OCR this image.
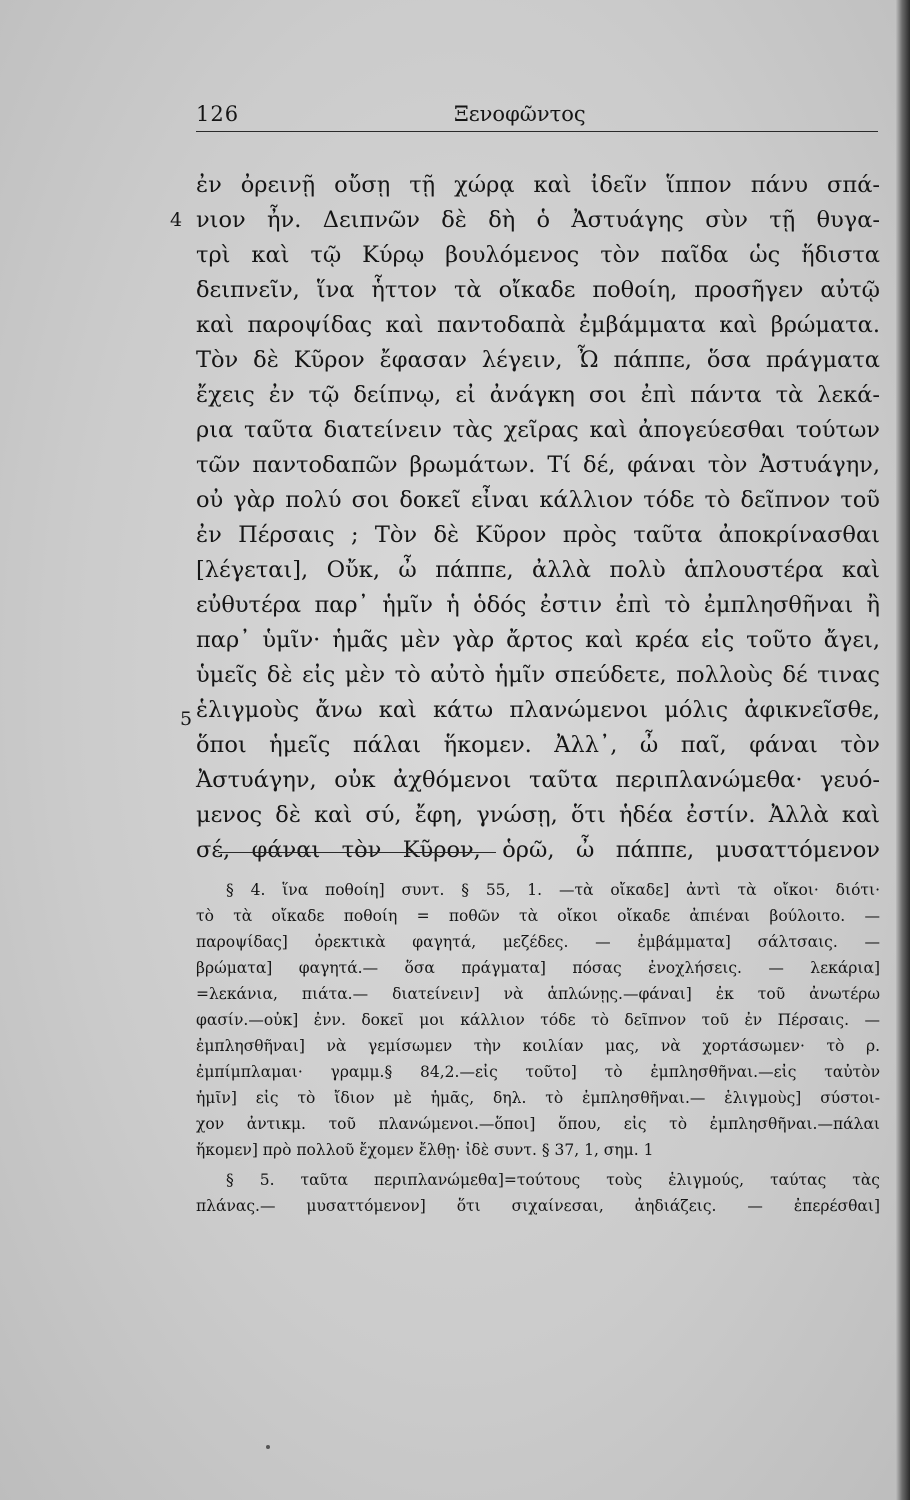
126	Ξενοφῶντος
4
5
ἐν ὀρεινῇ οὔσῃ τῇ χώρᾳ καὶ ἰδεῖν ἵππον πάνυ σπά-
νιον ἦν. Δειπνῶν δὲ δὴ ὁ Ἀστυάγης σὺν τῇ θυγα-
τρὶ καὶ τῷ Κύρῳ βουλόμενος τὸν παῖδα ὡς ἥδιστα
δειπνεῖν, ἵνα ἧττον τὰ οἴκαδε ποθοίη, προσῆγεν αὐτῷ
καὶ παροψίδας καὶ παντοδαπὰ ἐμβάμματα καὶ βρώματα.
Τὸν δὲ Κῦρον ἔφασαν λέγειν, Ὦ πάππε, ὅσα πράγματα
ἔχεις ἐν τῷ δείπνῳ, εἰ ἀνάγκη σοι ἐπὶ πάντα τὰ λεκά-
ρια ταῦτα διατείνειν τὰς χεῖρας καὶ ἀπογεύεσθαι τούτων
τῶν παντοδαπῶν βρωμάτων. Τί δέ, φάναι τὸν Ἀστυάγην,
οὐ γὰρ πολύ σοι δοκεῖ εἶναι κάλλιον τόδε τὸ δεῖπνον τοῦ
ἐν Πέρσαις ; Τὸν δὲ Κῦρον πρὸς ταῦτα ἀποκρίνασθαι
[λέγεται], Οὔκ, ὦ πάππε, ἀλλὰ πολὺ ἁπλουστέρα καὶ
εὐθυτέρα παρ᾽ ἡμῖν ἡ ὁδός ἐστιν ἐπὶ τὸ ἐμπλησθῆναι ἢ
παρ᾽ ὑμῖν· ἡμᾶς μὲν γὰρ ἄρτος καὶ κρέα εἰς τοῦτο ἄγει,
ὑμεῖς δὲ εἰς μὲν τὸ αὐτὸ ἡμῖν σπεύδετε, πολλοὺς δέ τινας
ἑλιγμοὺς ἄνω καὶ κάτω πλανώμενοι μόλις ἀφικνεῖσθε,
ὅποι ἡμεῖς πάλαι ἥκομεν. Ἀλλ᾽, ὦ παῖ, φάναι τὸν
Ἀστυάγην, οὐκ ἀχθόμενοι ταῦτα περιπλανώμεθα· γευό-
μενος δὲ καὶ σύ, ἔφη, γνώσῃ, ὅτι ἡδέα ἐστίν. Ἀλλὰ καὶ
σέ, φάναι τὸν Κῦρον, ὁρῶ, ὦ πάππε, μυσαττόμενον
§ 4. ἵνα ποθοίη] συντ. § 55, 1. —τὰ οἴκαδε] ἀντὶ τὰ οἴκοι· διότι·
τὸ τὰ οἴκαδε ποθοίη = ποθῶν τὰ οἴκοι οἴκαδε ἀπιέναι βούλοιτο. —
παροψίδας] ὀρεκτικὰ φαγητά, μεζέδες. — ἐμβάμματα] σάλτσαις. —
βρώματα] φαγητά.— ὅσα πράγματα] πόσας ἐνοχλήσεις. — λεκάρια]
=λεκάνια, πιάτα.— διατείνειν] νὰ ἁπλώνῃς.—φάναι] ἐκ τοῦ ἀνωτέρω
φασίν.—οὐκ] ἐνν. δοκεῖ μοι κάλλιον τόδε τὸ δεῖπνον τοῦ ἐν Πέρσαις. —
ἐμπλησθῆναι] νὰ γεμίσωμεν τὴν κοιλίαν μας, νὰ χορτάσωμεν· τὸ ρ.
ἐμπίμπλαμαι· γραμμ.§ 84,2.—εἰς τοῦτο] τὸ ἐμπλησθῆναι.—εἰς ταὐτὸν
ἡμῖν] εἰς τὸ ἴδιον μὲ ἡμᾶς, δηλ. τὸ ἐμπλησθῆναι.— ἑλιγμοὺς] σύστοι-
χον ἀντικμ. τοῦ πλανώμενοι.—ὅποι] ὅπου, εἰς τὸ ἐμπλησθῆναι.—πάλαι
ἥκομεν] πρὸ πολλοῦ ἔχομεν ἔλθῃ· ἰδὲ συντ. § 37, 1, σημ. 1
§ 5. ταῦτα περιπλανώμεθα]=τούτους τοὺς ἑλιγμούς, ταύτας τὰς
πλάνας.— μυσαττόμενον] ὅτι σιχαίνεσαι, ἀηδιάζεις. — ἐπερέσθαι]
